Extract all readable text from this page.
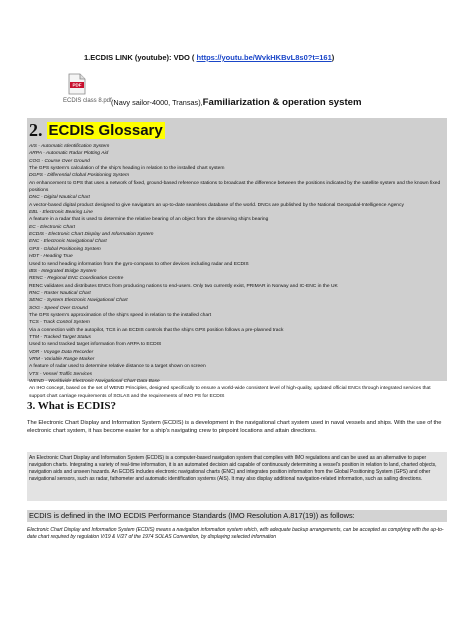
1.ECDIS LINK (youtube): VDO ( https://youtu.be/WvkHKBvL8s0?t=161)
PDF
ECDIS class 8.pdf (Navy sailor-4000, Transas),Familiarization & operation system
2. ECDIS Glossary
AIS - Automatic Identification System
ARPA - Automatic Radar Plotting Aid
COG - Course Over Ground
The GPS system's calculation of the ship's heading in relation to the installed chart system
DGPS - Differential Global Positioning System
An enhancement to GPS that uses a network of fixed, ground-based reference stations to broadcast the difference between the positions indicated by the satellite system and the known fixed positions
DNC - Digital Nautical Chart
A vector-based digital product designed to give navigators an up-to-date seamless database of the world. DNCs are published by the National Geospatial-Intelligence Agency
EBL - Electronic Bearing Line
A feature in a radar that is used to determine the relative bearing of an object from the observing ship's bearing
EC - Electronic Chart
ECDIS - Electronic Chart Display and Information System
ENC - Electronic Navigational Chart
GPS - Global Positioning System
HDT - Heading True
Used to send heading information from the gyro-compass to other devices including radar and ECDIS
IBS - Integrated Bridge System
RENC - Regional ENC Coordination Centre
RENC validates and distributes ENCs from producing nations to end-users. Only two currently exist, PRIMAR in Norway and IC-ENC in the UK
RNC - Raster Nautical Chart
SENC - System Electronic Navigational Chart
SOG - Speed Over Ground
The GPS system's approximation of the ship's speed in relation to the installed chart
TCS - Track Control System
Via a connection with the autopilot, TCS in an ECDIS controls that the ship's GPS position follows a pre-planned track
TTM - Tracked Target Status
Used to send tracked target information from ARPA to ECDIS
VDR - Voyage Data Recorder
VRM - Variable Range Marker
A feature of radar used to determine relative distance to a target shown on screen
VTS - Vessel Traffic Services
WEND - Worldwide Electronic Navigational Chart Data Base
An IHO concept, based on the set of WEND Principles, designed specifically to ensure a world-wide consistent level of high-quality, updated official ENCs through integrated services that support chart carriage requirements of SOLAS and the requirements of IMO PS for ECDIS
3. What is ECDIS?
The Electronic Chart Display and Information System (ECDIS) is a development in the navigational chart system used in naval vessels and ships. With the use of the electronic chart system, it has become easier for a ship's navigating crew to pinpoint locations and attain directions.
An Electronic Chart Display and Information System (ECDIS) is a computer-based navigation system that complies with IMO regulations and can be used as an alternative to paper navigation charts. Integrating a variety of real-time information, it is an automated decision aid capable of continuously determining a vessel's position in relation to land, charted objects, navigation aids and unseen hazards. An ECDIS includes electronic navigational charts (ENC) and integrates position information from the Global Positioning System (GPS) and other navigational sensors, such as radar, fathometer and automatic identification systems (AIS). It may also display additional navigation-related information, such as sailing directions.
ECDIS is defined in the IMO ECDIS Performance Standards (IMO Resolution A.817(19)) as follows:
Electronic Chart Display and Information System (ECDIS) means a navigation information system which, with adequate backup arrangements, can be accepted as complying with the up-to-date chart required by regulation V/19 & V/27 of the 1974 SOLAS Convention, by displaying selected information
